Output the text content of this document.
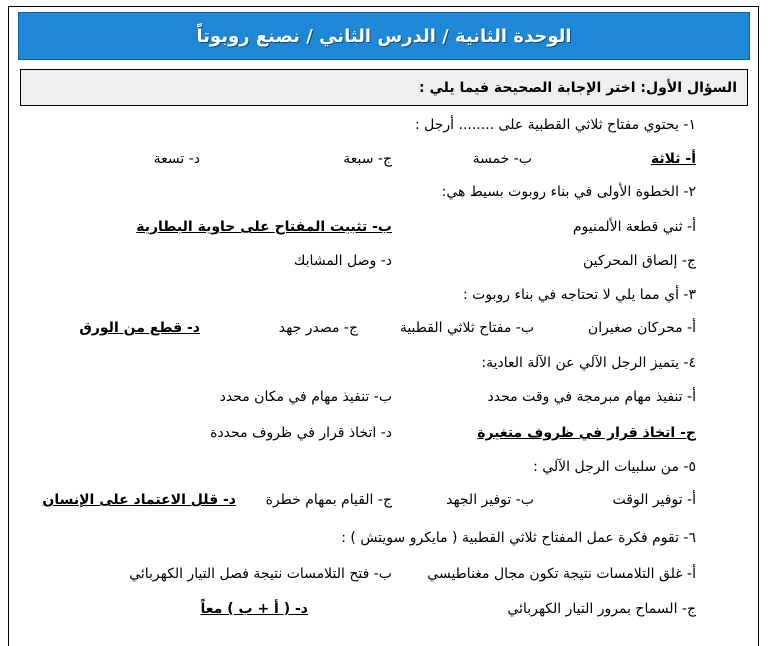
الوحدة الثانية / الدرس الثاني / نصنع روبوتاً
السؤال الأول: اختر الإجابة الصحيحة فيما يلي :
١- يحتوي مفتاح ثلاثي القطبية على ........ أرجل :
أ- ثلاثة
ب- خمسة
ج- سبعة
د- تسعة
٢- الخطوة الأولى في بناء روبوت بسيط هي:
أ- ثني قطعة الألمنيوم
ب- تثبيت المفتاح على حاوية البطارية
ج- إلصاق المحركين
د- وصل المشابك
٣- أي مما يلي لا تحتاجه في بناء روبوت :
أ- محركان صغيران
ب- مفتاح ثلاثي القطبية
ج- مصدر جهد
د- قطع من الورق
٤- يتميز الرجل الآلي عن الآلة العادية:
أ- تنفيذ مهام مبرمجة في وقت محدد
ب- تنفيذ مهام في مكان محدد
ج- اتخاذ قرار في ظروف متغيرة
د- اتخاذ قرار في ظروف محددة
٥- من سلبيات الرجل الآلي :
أ- توفير الوقت
ب- توفير الجهد
ج- القيام بمهام خطرة
د- قلل الاعتماد على الإنسان
٦- تقوم فكرة عمل المفتاح ثلاثي القطبية ( مايكرو سويتش ) :
أ- غلق التلامسات نتيجة تكون مجال مغناطيسي
ب- فتح التلامسات نتيجة فصل التيار الكهربائي
ج- السماح بمرور التيار الكهربائي
د- ( أ + ب ) معاً
